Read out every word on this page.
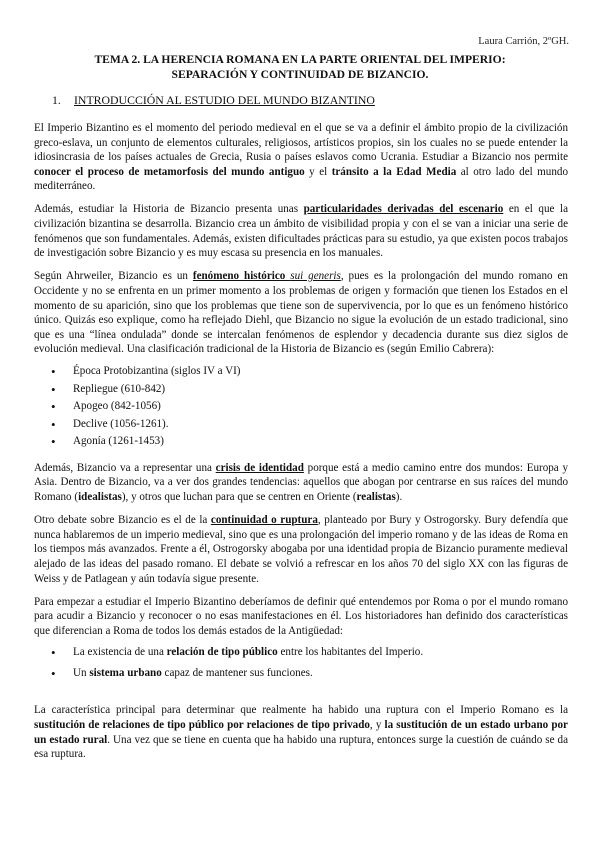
Laura Carrión, 2ºGH.
TEMA 2. LA HERENCIA ROMANA EN LA PARTE ORIENTAL DEL IMPERIO:
SEPARACIÓN Y CONTINUIDAD DE BIZANCIO.
1. INTRODUCCIÓN AL ESTUDIO DEL MUNDO BIZANTINO

El Imperio Bizantino es el momento del periodo medieval en el que se va a definir el ámbito propio de la civilización greco-eslava, un conjunto de elementos culturales, religiosos, artísticos propios, sin los cuales no se puede entender la idiosincrasia de los países actuales de Grecia, Rusia o países eslavos como Ucrania. Estudiar a Bizancio nos permite conocer el proceso de metamorfosis del mundo antiguo y el tránsito a la Edad Media al otro lado del mundo mediterráneo.

Además, estudiar la Historia de Bizancio presenta unas particularidades derivadas del escenario en el que la civilización bizantina se desarrolla. Bizancio crea un ámbito de visibilidad propia y con el se van a iniciar una serie de fenómenos que son fundamentales. Además, existen dificultades prácticas para su estudio, ya que existen pocos trabajos de investigación sobre Bizancio y es muy escasa su presencia en los manuales.

Según Ahrweiler, Bizancio es un fenómeno histórico sui generis, pues es la prolongación del mundo romano en Occidente y no se enfrenta en un primer momento a los problemas de origen y formación que tienen los Estados en el momento de su aparición, sino que los problemas que tiene son de supervivencia, por lo que es un fenómeno histórico único. Quizás eso explique, como ha reflejado Diehl, que Bizancio no sigue la evolución de un estado tradicional, sino que es una “línea ondulada” donde se intercalan fenómenos de esplendor y decadencia durante sus diez siglos de evolución medieval. Una clasificación tradicional de la Historia de Bizancio es (según Emilio Cabrera):

• Época Protobizantina (siglos IV a VI)
• Repliegue (610-842)
• Apogeo (842-1056)
• Declive (1056-1261).
• Agonía (1261-1453)

Además, Bizancio va a representar una crisis de identidad porque está a medio camino entre dos mundos: Europa y Asia. Dentro de Bizancio, va a ver dos grandes tendencias: aquellos que abogan por centrarse en sus raíces del mundo Romano (idealistas), y otros que luchan para que se centren en Oriente (realistas).

Otro debate sobre Bizancio es el de la continuidad o ruptura, planteado por Bury y Ostrogorsky. Bury defendía que nunca hablaremos de un imperio medieval, sino que es una prolongación del imperio romano y de las ideas de Roma en los tiempos más avanzados. Frente a él, Ostrogorsky abogaba por una identidad propia de Bizancio puramente medieval alejado de las ideas del pasado romano. El debate se volvió a refrescar en los años 70 del siglo XX con las figuras de Weiss y de Patlagean y aún todavía sigue presente.

Para empezar a estudiar el Imperio Bizantino deberíamos de definir qué entendemos por Roma o por el mundo romano para acudir a Bizancio y reconocer o no esas manifestaciones en él. Los historiadores han definido dos características que diferencian a Roma de todos los demás estados de la Antigüedad:

• La existencia de una relación de tipo público entre los habitantes del Imperio.
• Un sistema urbano capaz de mantener sus funciones.

La característica principal para determinar que realmente ha habido una ruptura con el Imperio Romano es la sustitución de relaciones de tipo público por relaciones de tipo privado, y la sustitución de un estado urbano por un estado rural. Una vez que se tiene en cuenta que ha habido una ruptura, entonces surge la cuestión de cuándo se da esa ruptura.
